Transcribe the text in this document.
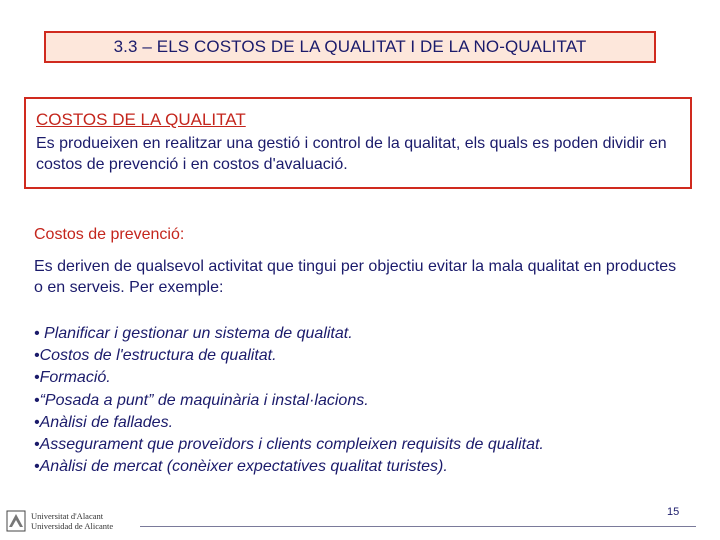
3.3 – ELS COSTOS DE LA QUALITAT I DE LA NO-QUALITAT
COSTOS DE LA QUALITAT
Es produeixen en realitzar una gestió i control de la qualitat, els quals es poden dividir en costos de prevenció i en costos d'avaluació.
Costos de prevenció:
Es deriven de qualsevol activitat que tingui per objectiu evitar la mala qualitat en productes o en serveis. Per exemple:
• Planificar i gestionar un sistema de qualitat.
•Costos de l'estructura de qualitat.
•Formació.
•“Posada a punt” de maquinària i instal·lacions.
•Anàlisi de fallades.
•Assegurament que proveïdors i clients compleixen requisits de qualitat.
•Anàlisi de mercat (conèixer expectatives qualitat turistes).
15
Universitat d'Alacant
Universidad de Alicante
